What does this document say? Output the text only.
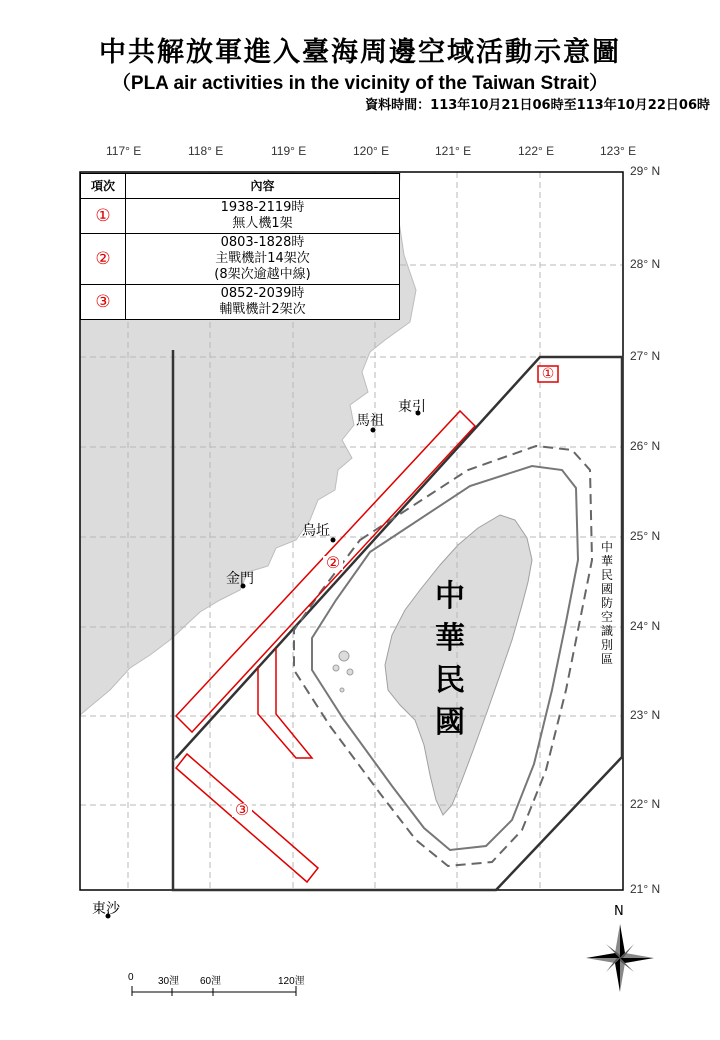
中共解放軍進入臺海周邊空域活動示意圖
（PLA air activities in the vicinity of the Taiwan Strait）
資料時間：113年10月21日06時至113年10月22日06時
117° E	118° E	119° E	120° E	121° E	122° E	123° E
29° N
28° N
27° N
26° N
25° N
24° N
23° N
22° N
21° N
項次	內容
①	1938-2119時
無人機1架

②	0803-1828時
主戰機計14架次
(8架次逾越中線)

③	0852-2039時
輔戰機計2架次
東引
馬祖
烏坵
金門
東沙
中
華
民
國
中華民國防空識別區
①
②
③
N
0 30浬 60浬	120浬
